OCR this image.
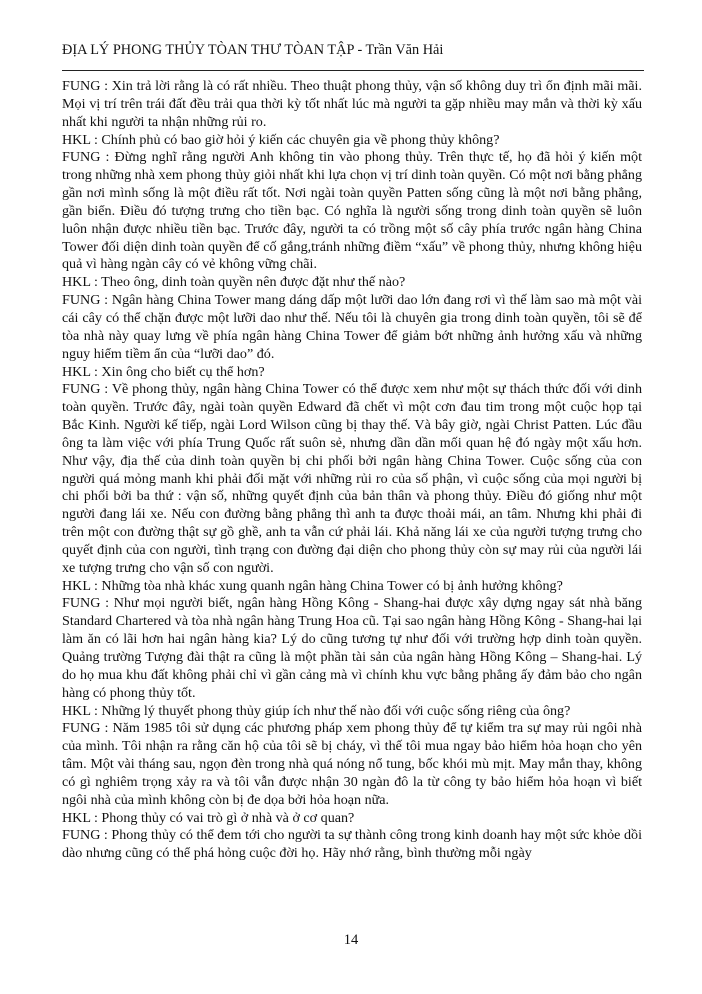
ĐỊA LÝ PHONG THỦY TÒAN THƯ TÒAN TẬP - Trần Văn Hải

FUNG : Xin trả lời rằng là có rất nhiều. Theo thuật phong thủy, vận số không duy trì ổn định mãi mãi. Mọi vị trí trên trái đất đều trải qua thời kỳ tốt nhất lúc mà người ta gặp nhiều may mắn và thời kỳ xấu nhất khi người ta nhận những rủi ro.

HKL : Chính phủ có bao giờ hỏi ý kiến các chuyên gia về phong thủy không?

FUNG : Đừng nghĩ rằng người Anh không tin vào phong thủy. Trên thực tế, họ đã hỏi ý kiến một trong những nhà xem phong thủy giỏi nhất khi lựa chọn vị trí dinh toàn quyền. Có một nơi bằng phẳng gần nơi mình sống là một điều rất tốt. Nơi ngài toàn quyền Patten sống cũng là một nơi bằng phẳng, gần biển. Điều đó tượng trưng cho tiền bạc. Có nghĩa là người sống trong dinh toàn quyền sẽ luôn luôn nhận được nhiều tiền bạc. Trước đây, người ta có trồng một số cây phía trước ngân hàng China Tower đối diện dinh toàn quyền để cố gắng,tránh những điềm “xấu” về phong thủy, nhưng không hiệu quả vì hàng ngàn cây có vẻ không vững chãi.

HKL : Theo ông, dinh toàn quyền nên được đặt như thế nào?

FUNG : Ngân hàng China Tower mang dáng dấp một lưỡi dao lớn đang rơi vì thế làm sao mà một vài cái cây có thể chặn được một lưỡi dao như thế. Nếu tôi là chuyên gia trong dinh toàn quyền, tôi sẽ để tòa nhà này quay lưng về phía ngân hàng China Tower để giảm bớt những ảnh hưởng xấu và những nguy hiểm tiềm ẩn của “lưỡi dao” đó.

HKL : Xin ông cho biết cụ thể hơn?

FUNG : Về phong thủy, ngân hàng China Tower có thể được xem như một sự thách thức đối với dinh toàn quyền. Trước đây, ngài toàn quyền Edward đã chết vì một cơn đau tim trong một cuộc họp tại Bắc Kinh. Người kế tiếp, ngài Lord Wilson cũng bị thay thế. Và bây giờ, ngài Christ Patten. Lúc đầu ông ta làm việc với phía Trung Quốc rất suôn sẻ, nhưng dần dần mối quan hệ đó ngày một xấu hơn. Như vậy, địa thế của dinh toàn quyền bị chi phối bởi ngân hàng China Tower. Cuộc sống của con người quá mỏng manh khi phải đối mặt với những rủi ro của số phận, vì cuộc sống của mọi người bị chi phối bởi ba thứ : vận số, những quyết định của bản thân và phong thủy. Điều đó giống như một người đang lái xe. Nếu con đường bằng phẳng thì anh ta được thoải mái, an tâm. Nhưng khi phải đi trên một con đường thật sự gồ ghề, anh ta vẫn cứ phải lái. Khả năng lái xe của người tượng trưng cho quyết định của con người, tình trạng con đường đại diện cho phong thủy còn sự may rủi của người lái xe tượng trưng cho vận số con người.

HKL : Những tòa nhà khác xung quanh ngân hàng China Tower có bị ảnh hưởng không?

FUNG : Như mọi người biết, ngân hàng Hồng Kông - Shang-hai được xây dựng ngay sát nhà băng Standard Chartered và tòa nhà ngân hàng Trung Hoa cũ. Tại sao ngân hàng Hồng Kông - Shang-hai lại làm ăn có lãi hơn hai ngân hàng kia? Lý do cũng tương tự như đối với trường hợp dinh toàn quyền. Quảng trường Tượng đài thật ra cũng là một phần tài sản của ngân hàng Hồng Kông – Shang-hai. Lý do họ mua khu đất không phải chỉ vì gần cảng mà vì chính khu vực bằng phẳng ấy đảm bảo cho ngân hàng có phong thủy tốt.

HKL : Những lý thuyết phong thủy giúp ích như thế nào đối với cuộc sống riêng của ông?

FUNG : Năm 1985 tôi sử dụng các phương pháp xem phong thủy để tự kiểm tra sự may rủi ngôi nhà của mình. Tôi nhận ra rằng căn hộ của tôi sẽ bị cháy, vì thế tôi mua ngay bảo hiểm hỏa hoạn cho yên tâm. Một vài tháng sau, ngọn đèn trong nhà quá nóng nổ tung, bốc khói mù mịt. May mắn thay, không có gì nghiêm trọng xảy ra và tôi vẫn được nhận 30 ngàn đô la từ công ty bảo hiểm hỏa hoạn vì biết ngôi nhà của mình không còn bị đe dọa bởi hỏa hoạn nữa.

HKL : Phong thủy có vai trò gì ở nhà và ở cơ quan?

FUNG : Phong thủy có thể đem tới cho người ta sự thành công trong kinh doanh hay một sức khỏe dồi dào nhưng cũng có thể phá hỏng cuộc đời họ. Hãy nhớ rằng, bình thường mỗi ngày

14
